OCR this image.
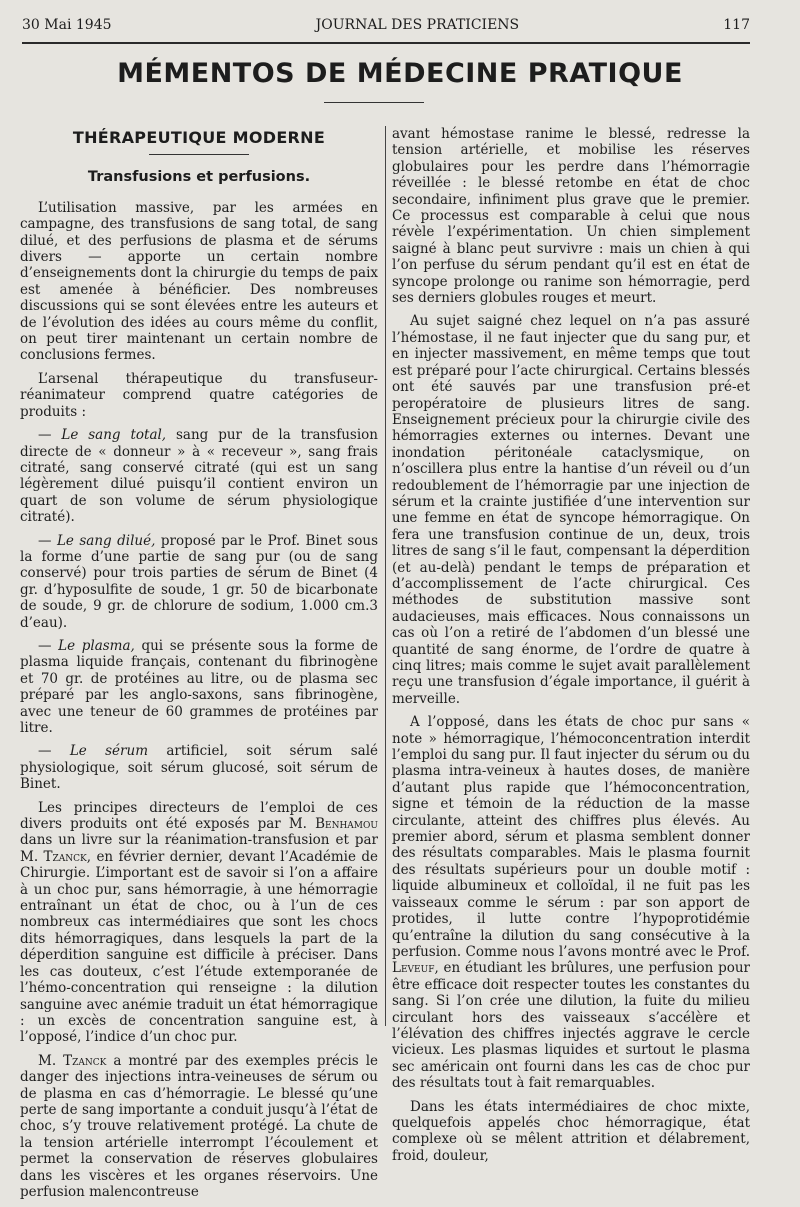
30 Mai 1945	JOURNAL DES PRATICIENS	117
MÉMENTOS DE MÉDECINE PRATIQUE
THÉRAPEUTIQUE MODERNE
Transfusions et perfusions.

L’utilisation massive, par les armées en campagne, des transfusions de sang total, de sang dilué, et des perfusions de plasma et de sérums divers — apporte un certain nombre d’enseignements dont la chirurgie du temps de paix est amenée à bénéficier. Des nombreuses discussions qui se sont élevées entre les auteurs et de l’évolution des idées au cours même du conflit, on peut tirer maintenant un certain nombre de conclusions fermes.

L’arsenal thérapeutique du transfuseur-réanimateur comprend quatre catégories de produits :

— Le sang total, sang pur de la transfusion directe de « donneur » à « receveur », sang frais citraté, sang conservé citraté (qui est un sang légèrement dilué puisqu’il contient environ un quart de son volume de sérum physiologique citraté).

— Le sang dilué, proposé par le Prof. Binet sous la forme d’une partie de sang pur (ou de sang conservé) pour trois parties de sérum de Binet (4 gr. d’hyposulfite de soude, 1 gr. 50 de bicarbonate de soude, 9 gr. de chlorure de sodium, 1.000 cm.3 d’eau).

— Le plasma, qui se présente sous la forme de plasma liquide français, contenant du fibrinogène et 70 gr. de protéines au litre, ou de plasma sec préparé par les anglo-saxons, sans fibrinogène, avec une teneur de 60 grammes de protéines par litre.

— Le sérum artificiel, soit sérum salé physiologique, soit sérum glucosé, soit sérum de Binet.

Les principes directeurs de l’emploi de ces divers produits ont été exposés par M. Benhamou dans un livre sur la réanimation-transfusion et par M. Tzanck, en février dernier, devant l’Académie de Chirurgie. L’important est de savoir si l’on a affaire à un choc pur, sans hémorragie, à une hémorragie entraînant un état de choc, ou à l’un de ces nombreux cas intermédiaires que sont les chocs dits hémorragiques, dans lesquels la part de la déperdition sanguine est difficile à préciser. Dans les cas douteux, c’est l’étude extemporanée de l’hémo-concentration qui renseigne : la dilution sanguine avec anémie traduit un état hémorragique : un excès de concentration sanguine est, à l’opposé, l’indice d’un choc pur.

M. Tzanck a montré par des exemples précis le danger des injections intra-veineuses de sérum ou de plasma en cas d’hémorragie. Le blessé qu’une perte de sang importante a conduit jusqu’à l’état de choc, s’y trouve relativement protégé. La chute de la tension artérielle interrompt l’écoulement et permet la conservation de réserves globulaires dans les viscères et les organes réservoirs. Une perfusion malencontreuse

avant hémostase ranime le blessé, redresse la tension artérielle, et mobilise les réserves globulaires pour les perdre dans l’hémorragie réveillée : le blessé retombe en état de choc secondaire, infiniment plus grave que le premier. Ce processus est comparable à celui que nous révèle l’expérimentation. Un chien simplement saigné à blanc peut survivre : mais un chien à qui l’on perfuse du sérum pendant qu’il est en état de syncope prolonge ou ranime son hémorragie, perd ses derniers globules rouges et meurt.

Au sujet saigné chez lequel on n’a pas assuré l’hémostase, il ne faut injecter que du sang pur, et en injecter massivement, en même temps que tout est préparé pour l’acte chirurgical. Certains blessés ont été sauvés par une transfusion pré-et peropératoire de plusieurs litres de sang. Enseignement précieux pour la chirurgie civile des hémorragies externes ou internes. Devant une inondation péritonéale cataclysmique, on n’oscillera plus entre la hantise d’un réveil ou d’un redoublement de l’hémorragie par une injection de sérum et la crainte justifiée d’une intervention sur une femme en état de syncope hémorragique. On fera une transfusion continue de un, deux, trois litres de sang s’il le faut, compensant la déperdition (et au-delà) pendant le temps de préparation et d’accomplissement de l’acte chirurgical. Ces méthodes de substitution massive sont audacieuses, mais efficaces. Nous connaissons un cas où l’on a retiré de l’abdomen d’un blessé une quantité de sang énorme, de l’ordre de quatre à cinq litres; mais comme le sujet avait parallèlement reçu une transfusion d’égale importance, il guérit à merveille.

A l’opposé, dans les états de choc pur sans « note » hémorragique, l’hémoconcentration interdit l’emploi du sang pur. Il faut injecter du sérum ou du plasma intra-veineux à hautes doses, de manière d’autant plus rapide que l’hémoconcentration, signe et témoin de la réduction de la masse circulante, atteint des chiffres plus élevés. Au premier abord, sérum et plasma semblent donner des résultats comparables. Mais le plasma fournit des résultats supérieurs pour un double motif : liquide albumineux et colloïdal, il ne fuit pas les vaisseaux comme le sérum : par son apport de protides, il lutte contre l’hypoprotidémie qu’entraîne la dilution du sang consécutive à la perfusion. Comme nous l’avons montré avec le Prof. Leveuf, en étudiant les brûlures, une perfusion pour être efficace doit respecter toutes les constantes du sang. Si l’on crée une dilution, la fuite du milieu circulant hors des vaisseaux s’accélère et l’élévation des chiffres injectés aggrave le cercle vicieux. Les plasmas liquides et surtout le plasma sec américain ont fourni dans les cas de choc pur des résultats tout à fait remarquables.

Dans les états intermédiaires de choc mixte, quelquefois appelés choc hémorragique, état complexe où se mêlent attrition et délabrement, froid, douleur,
